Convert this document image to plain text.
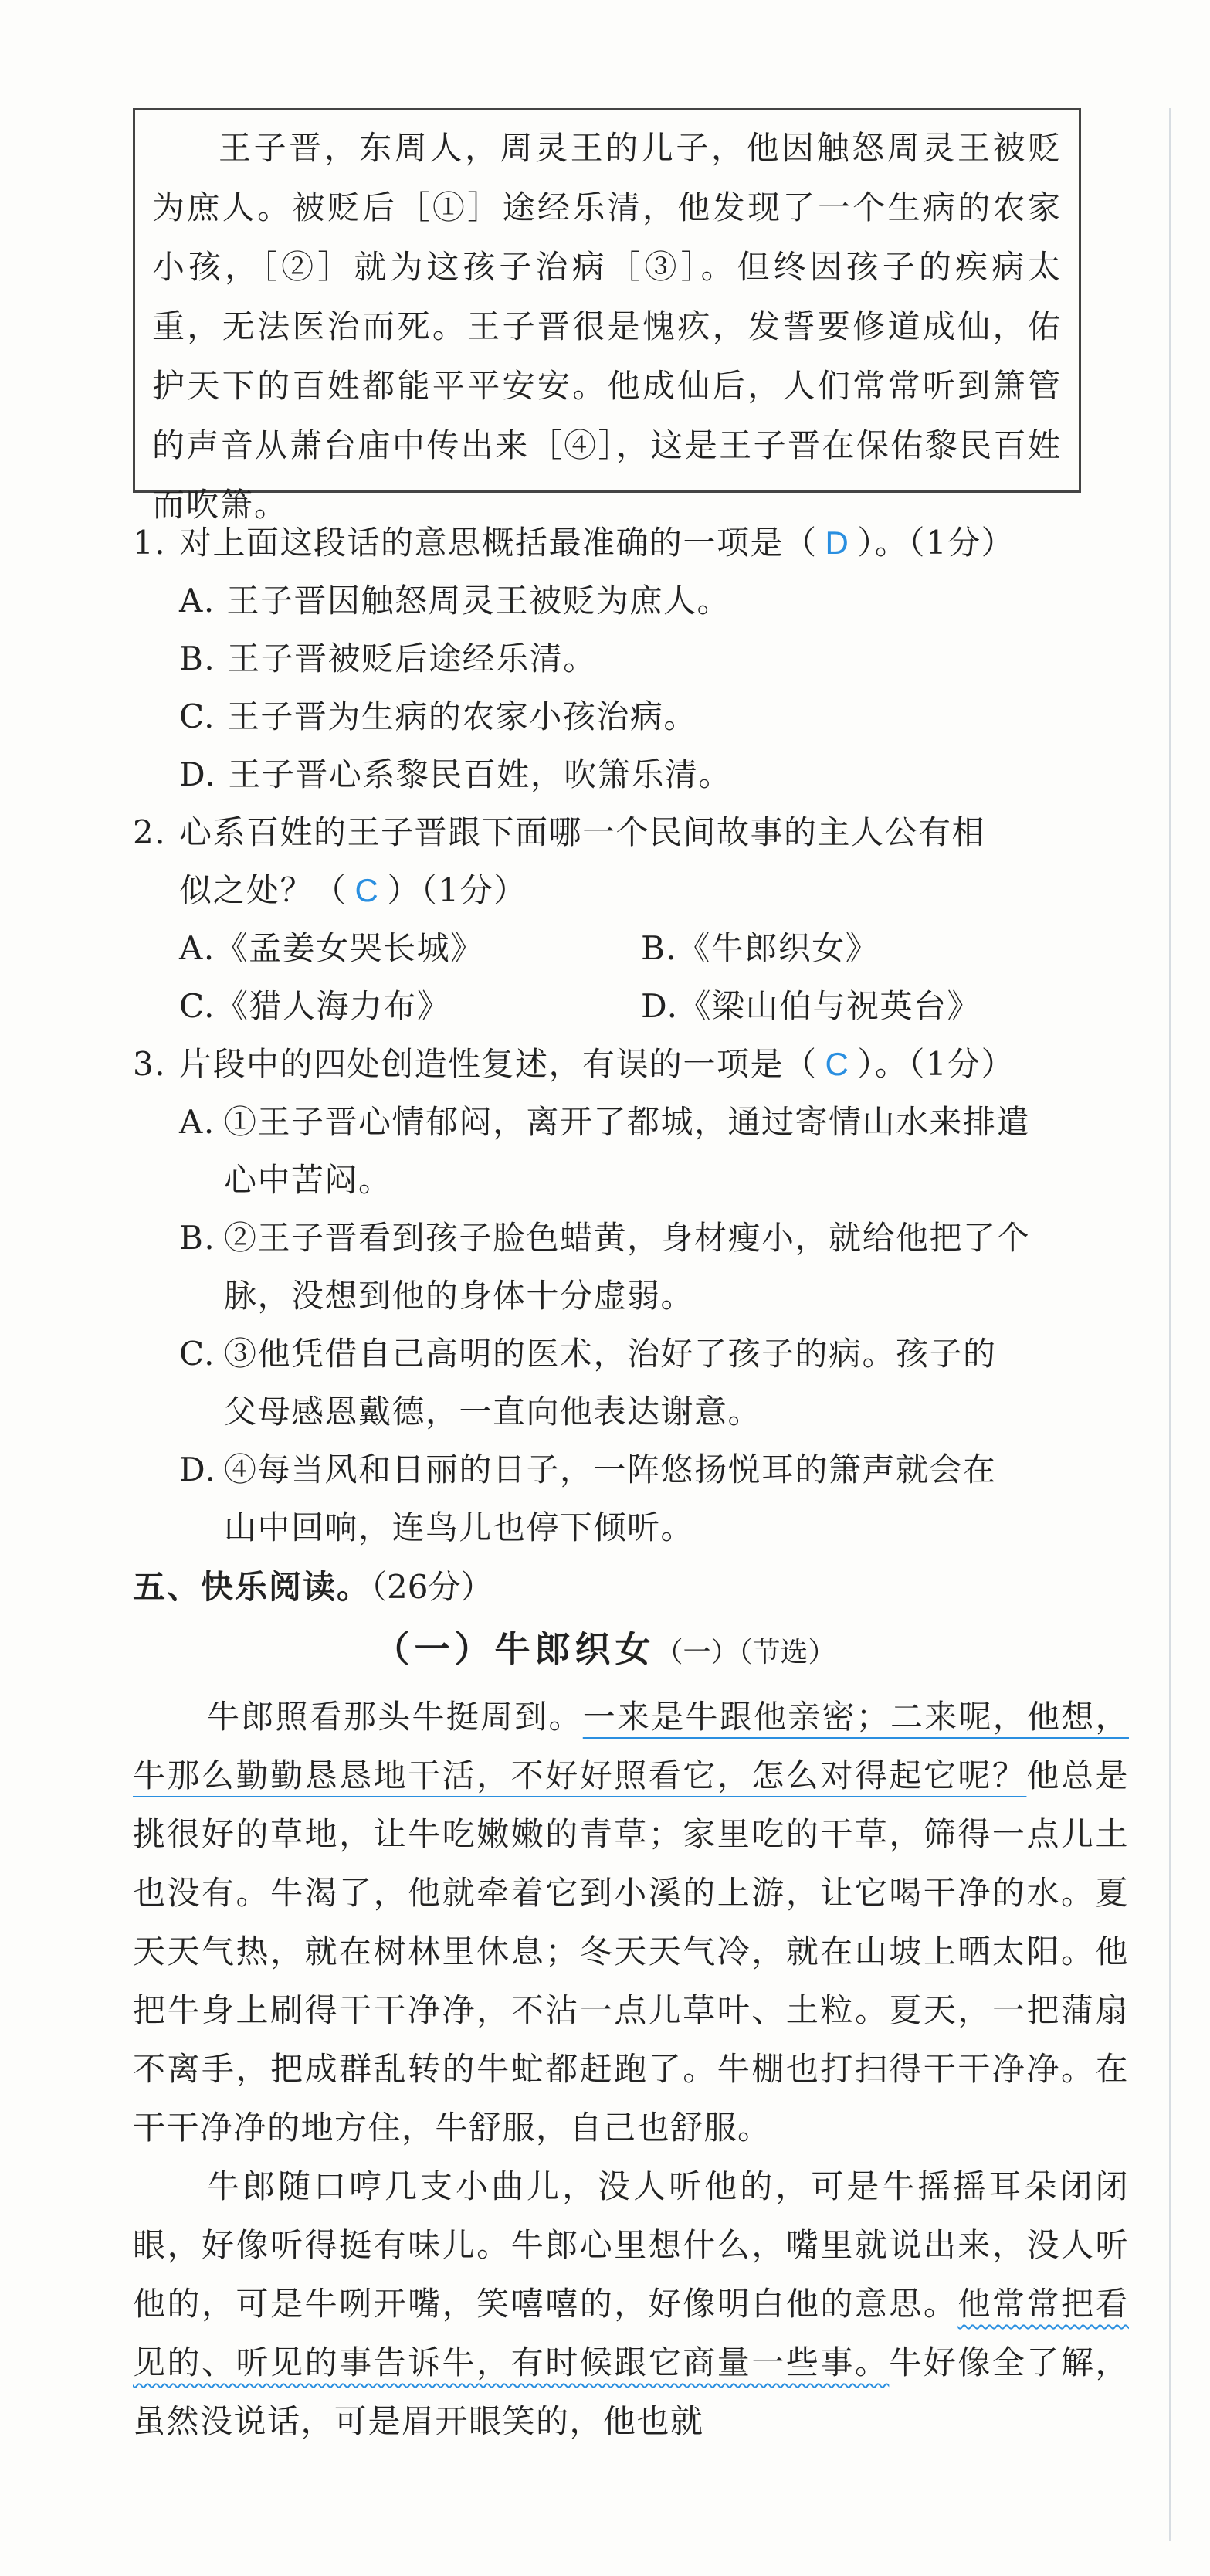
王子晋，东周人，周灵王的儿子，他因触怒周灵王被贬为庶人。被贬后［①］途经乐清，他发现了一个生病的农家小孩，［②］就为这孩子治病［③］。但终因孩子的疾病太重，无法医治而死。王子晋很是愧疚，发誓要修道成仙，佑护天下的百姓都能平平安安。他成仙后，人们常常听到箫管的声音从萧台庙中传出来［④］，这是王子晋在保佑黎民百姓而吹箫。

1. 对上面这段话的意思概括最准确的一项是（ D ）。（1分）
A. 王子晋因触怒周灵王被贬为庶人。
B. 王子晋被贬后途经乐清。
C. 王子晋为生病的农家小孩治病。
D. 王子晋心系黎民百姓，吹箫乐清。
2. 心系百姓的王子晋跟下面哪一个民间故事的主人公有相
似之处？（ C ）（1分）
A.《孟姜女哭长城》	B.《牛郎织女》
C.《猎人海力布》	D.《梁山伯与祝英台》
3. 片段中的四处创造性复述，有误的一项是（ C ）。（1分）
A. ①王子晋心情郁闷，离开了都城，通过寄情山水来排遣
心中苦闷。
B. ②王子晋看到孩子脸色蜡黄，身材瘦小，就给他把了个
脉，没想到他的身体十分虚弱。
C. ③他凭借自己高明的医术，治好了孩子的病。孩子的
父母感恩戴德，一直向他表达谢意。
D. ④每当风和日丽的日子，一阵悠扬悦耳的箫声就会在
山中回响，连鸟儿也停下倾听。
五、快乐阅读。（26分）
（一）牛郎织女（一）（节选）

牛郎照看那头牛挺周到。一来是牛跟他亲密；二来呢，他想，牛那么勤勤恳恳地干活，不好好照看它，怎么对得起它呢？他总是挑很好的草地，让牛吃嫩嫩的青草；家里吃的干草，筛得一点儿土也没有。牛渴了，他就牵着它到小溪的上游，让它喝干净的水。夏天天气热，就在树林里休息；冬天天气冷，就在山坡上晒太阳。他把牛身上刷得干干净净，不沾一点儿草叶、土粒。夏天，一把蒲扇不离手，把成群乱转的牛虻都赶跑了。牛棚也打扫得干干净净。在干干净净的地方住，牛舒服，自己也舒服。

牛郎随口哼几支小曲儿，没人听他的，可是牛摇摇耳朵闭闭眼，好像听得挺有味儿。牛郎心里想什么，嘴里就说出来，没人听他的，可是牛咧开嘴，笑嘻嘻的，好像明白他的意思。他常常把看见的、听见的事告诉牛，有时候跟它商量一些事。牛好像全了解，虽然没说话，可是眉开眼笑的，他也就
